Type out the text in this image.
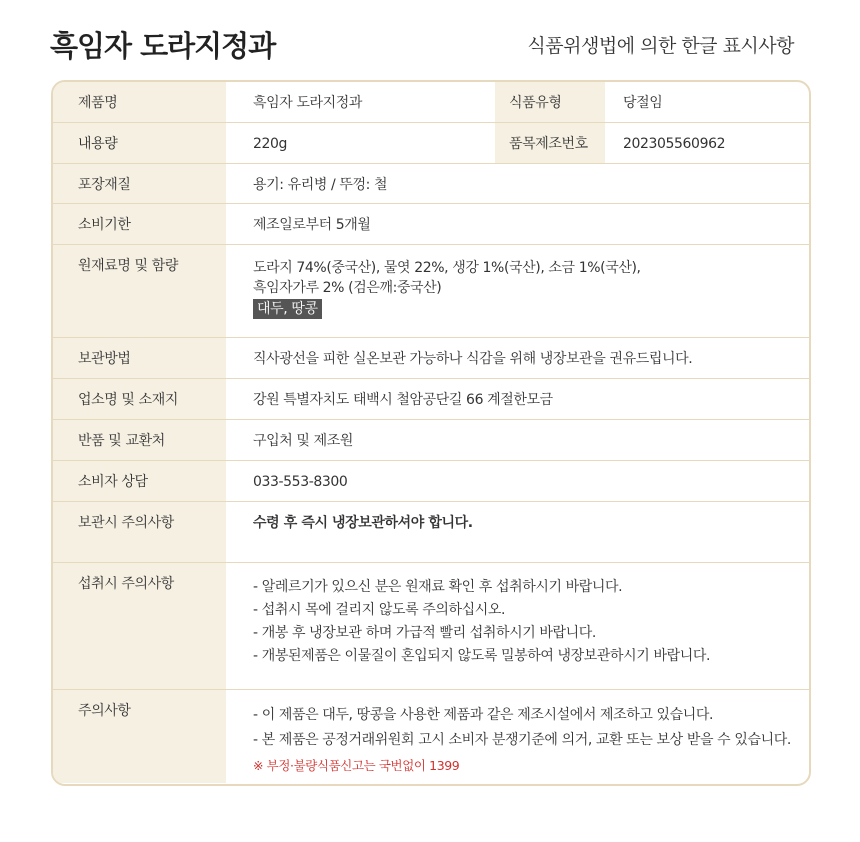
흑임자 도라지정과	식품위생법에 의한 한글 표시사항
제품명	흑임자 도라지정과	식품유형	당절임

내용량	220g	품목제조번호	202305560962

포장재질	용기: 유리병 / 뚜껑: 철		

소비기한	제조일로부터 5개월		

원재료명 및 함량	도라지 74%(중국산), 물엿 22%, 생강 1%(국산), 소금 1%(국산),
흑임자가루 2% (검은깨:중국산)
대두, 땅콩		

보관방법	직사광선을 피한 실온보관 가능하나 식감을 위해 냉장보관을 권유드립니다.		

업소명 및 소재지	강원 특별자치도 태백시 철암공단길 66 계절한모금		

반품 및 교환처	구입처 및 제조원		

소비자 상담	033-553-8300		

보관시 주의사항	수령 후 즉시 냉장보관하셔야 합니다.		

섭취시 주의사항	- 알레르기가 있으신 분은 원재료 확인 후 섭취하시기 바랍니다.
- 섭취시 목에 걸리지 않도록 주의하십시오.
- 개봉 후 냉장보관 하며 가급적 빨리 섭취하시기 바랍니다.
- 개봉된제품은 이물질이 혼입되지 않도록 밀봉하여 냉장보관하시기 바랍니다.		

주의사항	- 이 제품은 대두, 땅콩을 사용한 제품과 같은 제조시설에서 제조하고 있습니다.
- 본 제품은 공정거래위원회 고시 소비자 분쟁기준에 의거, 교환 또는 보상 받을 수 있습니다.
※ 부정·불량식품신고는 국번없이 1399		
